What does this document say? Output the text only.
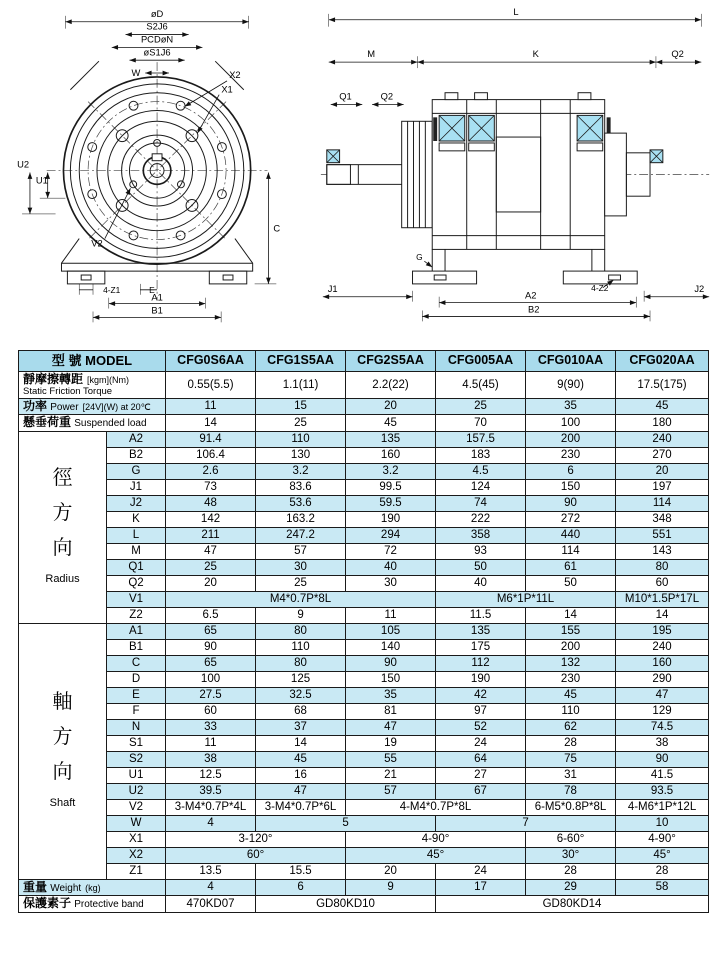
øD
S2J6
PCDøN
øS1J6
W	X2
X1
U2
U1
C
V2
4-Z1	E
A1
B1
L
M	K	Q2
Q1	Q2
G
J1	J2
A2
B2
4-Z2
型 號 MODEL		CFG0S6AA	CFG1S5AA	CFG2S5AA	CFG005AA	CFG010AA	CFG020AA

靜摩擦轉距 [kgm](Nm)
Static Friction Torque		0.55(5.5)	1.1(11)	2.2(22)	4.5(45)	9(90)	17.5(175)

功率 Power [24V](W) at 20℃		11	15	20	25	35	45

懸垂荷重 Suspended load		14	25	45	70	100	180

徑
方
向
Radius	A2	91.4	110	135	157.5	200	240
	B2	106.4	130	160	183	230	270
	G	2.6	3.2	3.2	4.5	6	20
	J1	73	83.6	99.5	124	150	197
	J2	48	53.6	59.5	74	90	114
	K	142	163.2	190	222	272	348
	L	211	247.2	294	358	440	551
	M	47	57	72	93	114	143
	Q1	25	30	40	50	61	80
	Q2	20	25	30	40	50	60
	V1	M4*0.7P*8L			M6*1P*11L		M10*1.5P*17L
	Z2	6.5	9	11	11.5	14	14

軸
方
向
Shaft	A1	65	80	105	135	155	195
	B1	90	110	140	175	200	240
	C	65	80	90	112	132	160
	D	100	125	150	190	230	290
	E	27.5	32.5	35	42	45	47
	F	60	68	81	97	110	129
	N	33	37	47	52	62	74.5
	S1	11	14	19	24	28	38
	S2	38	45	55	64	75	90
	U1	12.5	16	21	27	31	41.5
	U2	39.5	47	57	67	78	93.5
	V2	3-M4*0.7P*4L	3-M4*0.7P*6L	4-M4*0.7P*8L		6-M5*0.8P*8L	4-M6*1P*12L
	W	4	5		7		10
	X1	3-120°		4-90°		6-60°	4-90°
	X2	60°		45°		30°	45°
	Z1	13.5	15.5	20	24	28	28

重量 Weight (kg)		4	6	9	17	29	58

保護素子 Protective band		470KD07	GD80KD10		GD80KD14		
